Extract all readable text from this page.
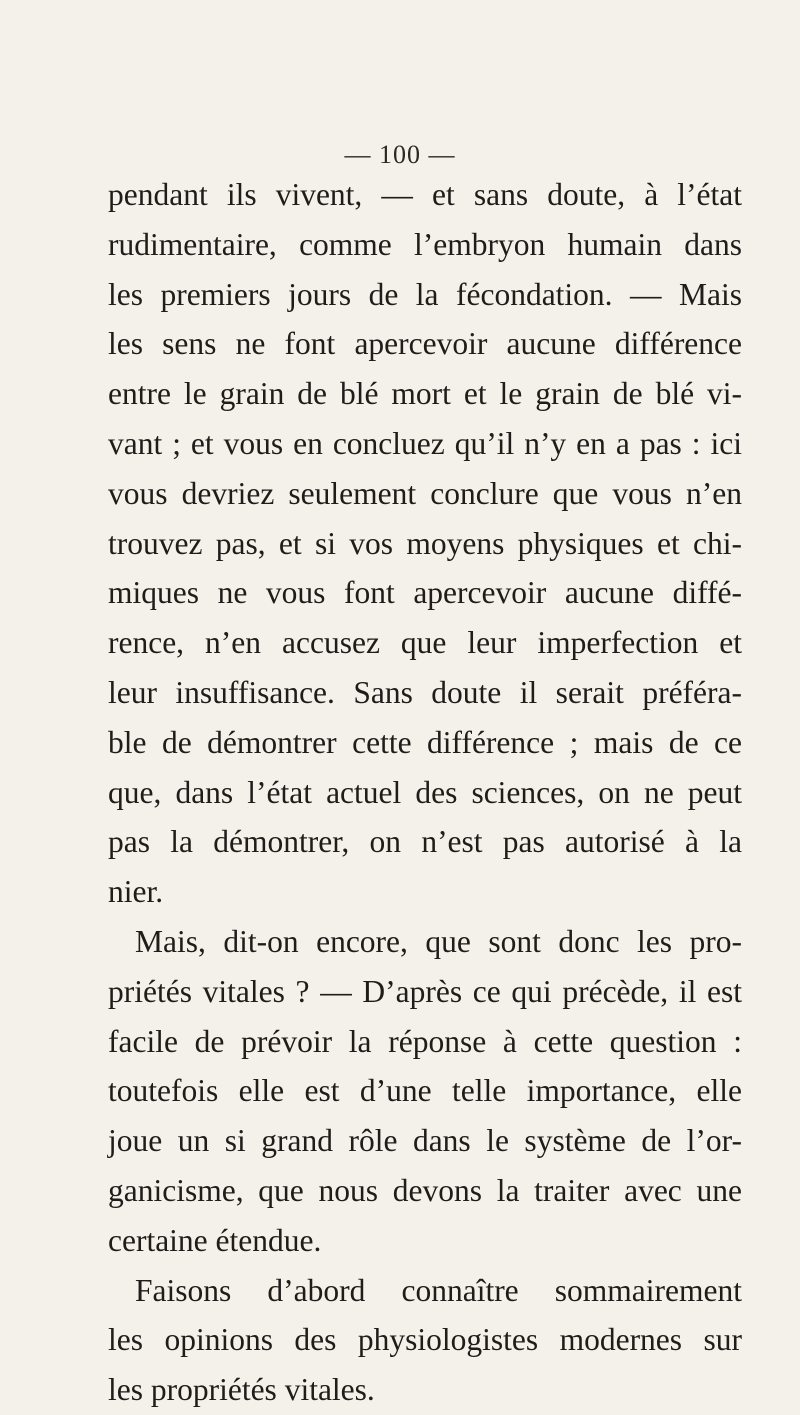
— 100 —
pendant ils vivent, — et sans doute, à l’état
rudimentaire, comme l’embryon humain dans
les premiers jours de la fécondation. — Mais
les sens ne font apercevoir aucune différence
entre le grain de blé mort et le grain de blé vi-
vant ; et vous en concluez qu’il n’y en a pas : ici
vous devriez seulement conclure que vous n’en
trouvez pas, et si vos moyens physiques et chi-
miques ne vous font apercevoir aucune diffé-
rence, n’en accusez que leur imperfection et
leur insuffisance. Sans doute il serait préféra-
ble de démontrer cette différence ; mais de ce
que, dans l’état actuel des sciences, on ne peut
pas la démontrer, on n’est pas autorisé à la
nier.
Mais, dit-on encore, que sont donc les pro-
priétés vitales ? — D’après ce qui précède, il est
facile de prévoir la réponse à cette question :
toutefois elle est d’une telle importance, elle
joue un si grand rôle dans le système de l’or-
ganicisme, que nous devons la traiter avec une
certaine étendue.
Faisons d’abord connaître sommairement
les opinions des physiologistes modernes sur
les propriétés vitales.
